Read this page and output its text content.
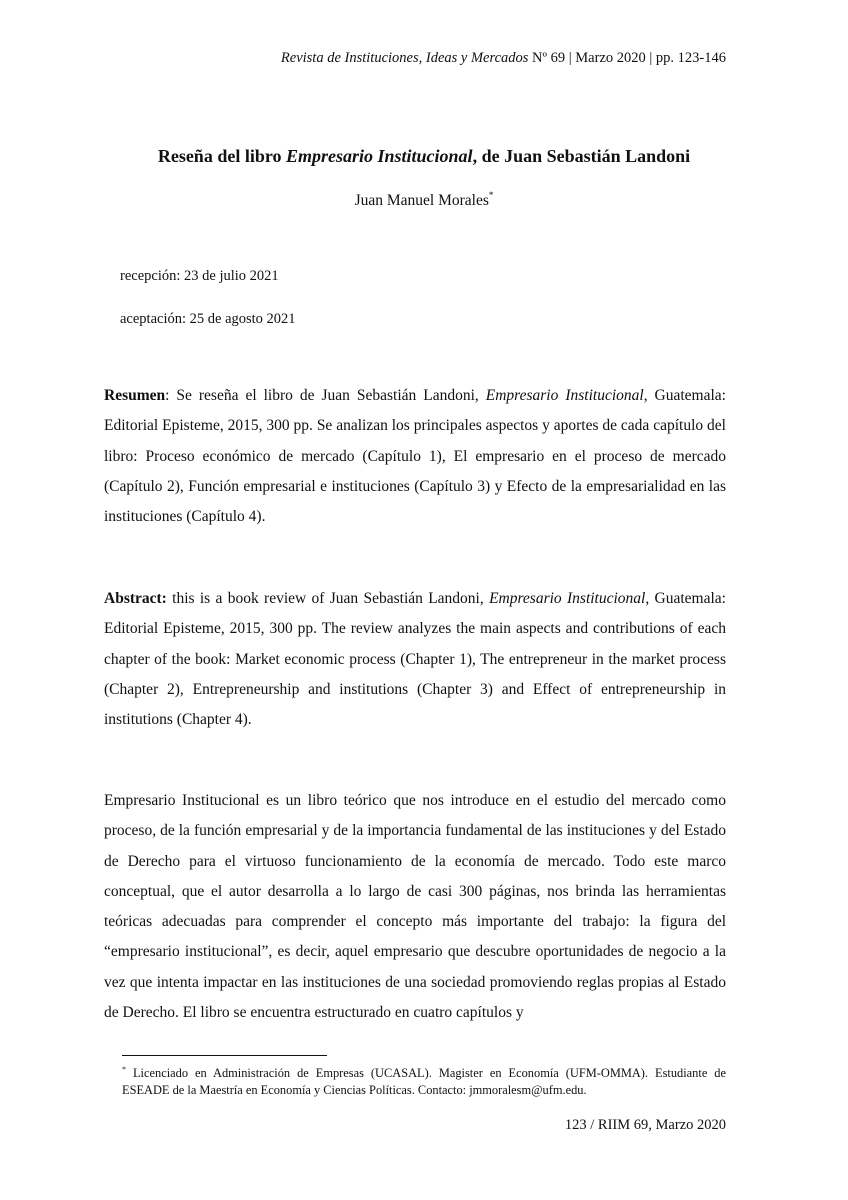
Revista de Instituciones, Ideas y Mercados Nº 69 | Marzo 2020 | pp. 123-146
Reseña del libro Empresario Institucional, de Juan Sebastián Landoni
Juan Manuel Morales*
recepción: 23 de julio 2021
aceptación: 25 de agosto 2021

Resumen: Se reseña el libro de Juan Sebastián Landoni, Empresario Institucional, Guatemala: Editorial Episteme, 2015, 300 pp. Se analizan los principales aspectos y aportes de cada capítulo del libro: Proceso económico de mercado (Capítulo 1), El empresario en el proceso de mercado (Capítulo 2), Función empresarial e instituciones (Capítulo 3) y Efecto de la empresarialidad en las instituciones (Capítulo 4).

Abstract: this is a book review of Juan Sebastián Landoni, Empresario Institucional, Guatemala: Editorial Episteme, 2015, 300 pp. The review analyzes the main aspects and contributions of each chapter of the book: Market economic process (Chapter 1), The entrepreneur in the market process (Chapter 2), Entrepreneurship and institutions (Chapter 3) and Effect of entrepreneurship in institutions (Chapter 4).

Empresario Institucional es un libro teórico que nos introduce en el estudio del mercado como proceso, de la función empresarial y de la importancia fundamental de las instituciones y del Estado de Derecho para el virtuoso funcionamiento de la economía de mercado. Todo este marco conceptual, que el autor desarrolla a lo largo de casi 300 páginas, nos brinda las herramientas teóricas adecuadas para comprender el concepto más importante del trabajo: la figura del “empresario institucional”, es decir, aquel empresario que descubre oportunidades de negocio a la vez que intenta impactar en las instituciones de una sociedad promoviendo reglas propias al Estado de Derecho. El libro se encuentra estructurado en cuatro capítulos y

* Licenciado en Administración de Empresas (UCASAL). Magister en Economía (UFM-OMMA). Estudiante de ESEADE de la Maestría en Economía y Ciencias Políticas. Contacto: jmmoralesm@ufm.edu.

123 / RIIM 69, Marzo 2020
